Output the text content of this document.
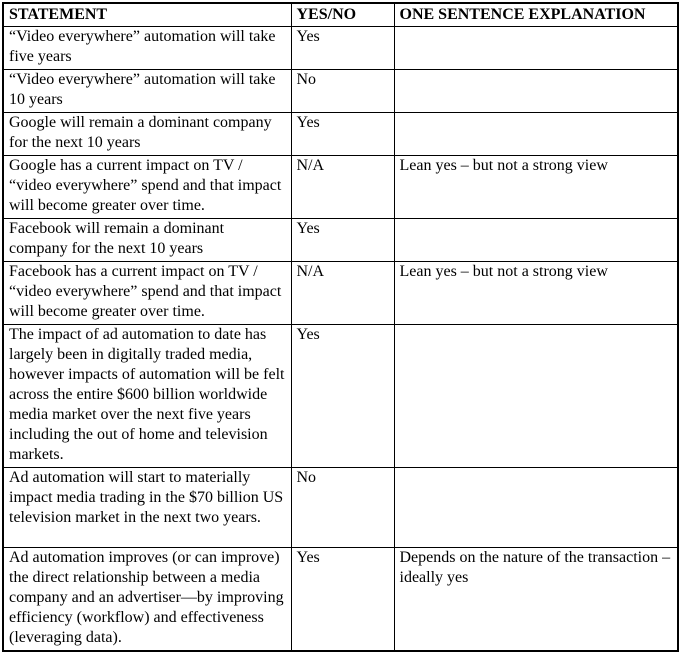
STATEMENT	YES/NO	ONE SENTENCE EXPLANATION
“Video everywhere” automation will take five years	Yes	
“Video everywhere” automation will take 10 years	No	
Google will remain a dominant company for the next 10 years	Yes	
Google has a current impact on TV / “video everywhere” spend and that impact will become greater over time.	N/A	Lean yes – but not a strong view
Facebook will remain a dominant company for the next 10 years	Yes	
Facebook has a current impact on TV / “video everywhere” spend and that impact will become greater over time.	N/A	Lean yes – but not a strong view
The impact of ad automation to date has largely been in digitally traded media, however impacts of automation will be felt across the entire $600 billion worldwide media market over the next five years including the out of home and television markets.	Yes	
Ad automation will start to materially impact media trading in the $70 billion US television market in the next two years.	No	
Ad automation improves (or can improve) the direct relationship between a media company and an advertiser—by improving efficiency (workflow) and effectiveness (leveraging data).	Yes	Depends on the nature of the transaction – ideally yes
